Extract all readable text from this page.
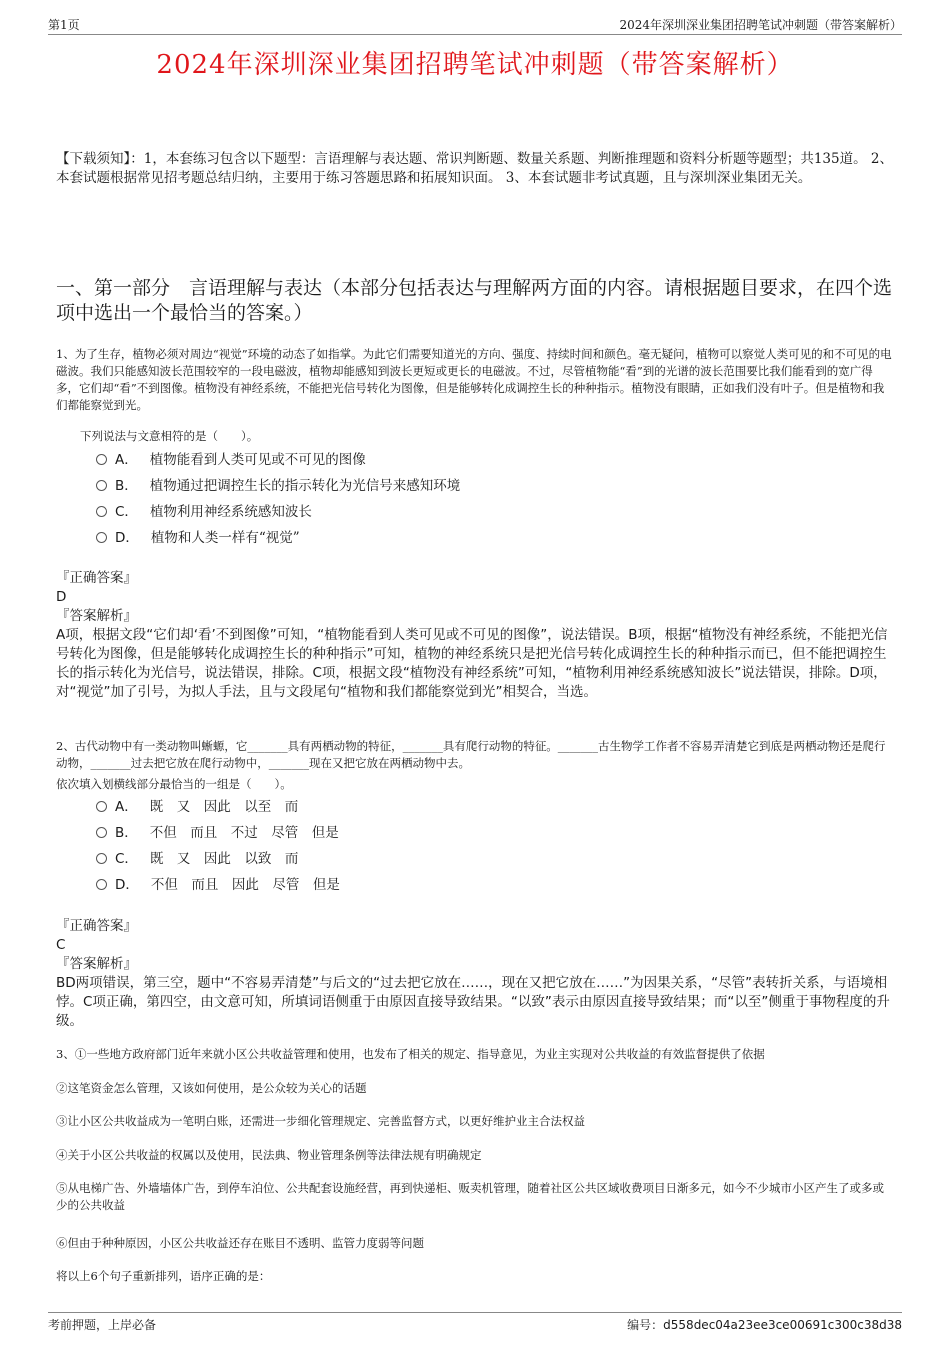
第1页	2024年深圳深业集团招聘笔试冲刺题（带答案解析）
2024年深圳深业集团招聘笔试冲刺题（带答案解析）
【下载须知】：1，本套练习包含以下题型：言语理解与表达题、常识判断题、数量关系题、判断推理题和资料分析题等题型；共135道。 2、本套试题根据常见招考题总结归纳，主要用于练习答题思路和拓展知识面。 3、本套试题非考试真题，且与深圳深业集团无关。
一、第一部分　言语理解与表达（本部分包括表达与理解两方面的内容。请根据题目要求，在四个选项中选出一个最恰当的答案。）
1、为了生存，植物必须对周边“视觉”环境的动态了如指掌。为此它们需要知道光的方向、强度、持续时间和颜色。毫无疑问，植物可以察觉人类可见的和不可见的电磁波。我们只能感知波长范围较窄的一段电磁波，植物却能感知到波长更短或更长的电磁波。不过，尽管植物能“看”到的光谱的波长范围要比我们能看到的宽广得多，它们却“看”不到图像。植物没有神经系统，不能把光信号转化为图像，但是能够转化成调控生长的种种指示。植物没有眼睛，正如我们没有叶子。但是植物和我们都能察觉到光。
下列说法与文意相符的是（　　）。
A． 植物能看到人类可见或不可见的图像
B． 植物通过把调控生长的指示转化为光信号来感知环境
C． 植物利用神经系统感知波长
D． 植物和人类一样有“视觉”
『正确答案』
D
『答案解析』
A项，根据文段“它们却‘看’不到图像”可知，“植物能看到人类可见或不可见的图像”，说法错误。B项，根据“植物没有神经系统，不能把光信号转化为图像，但是能够转化成调控生长的种种指示”可知，植物的神经系统只是把光信号转化成调控生长的种种指示而已，但不能把调控生长的指示转化为光信号，说法错误，排除。C项，根据文段“植物没有神经系统”可知，“植物利用神经系统感知波长”说法错误，排除。D项，对“视觉”加了引号，为拟人手法，且与文段尾句“植物和我们都能察觉到光”相契合，当选。
2、古代动物中有一类动物叫蜥螈，它_______具有两栖动物的特征，_______具有爬行动物的特征。_______古生物学工作者不容易弄清楚它到底是两栖动物还是爬行动物，_______过去把它放在爬行动物中，_______现在又把它放在两栖动物中去。
依次填入划横线部分最恰当的一组是（　　）。
A． 既　又　因此　以至　而
B． 不但　而且　不过　尽管　但是
C． 既　又　因此　以致　而
D． 不但　而且　因此　尽管　但是
『正确答案』
C
『答案解析』
BD两项错误，第三空，题中“不容易弄清楚”与后文的“过去把它放在……，现在又把它放在……”为因果关系，“尽管”表转折关系，与语境相悖。C项正确，第四空，由文意可知，所填词语侧重于由原因直接导致结果。“以致”表示由原因直接导致结果；而“以至”侧重于事物程度的升级。
3、①一些地方政府部门近年来就小区公共收益管理和使用，也发布了相关的规定、指导意见，为业主实现对公共收益的有效监督提供了依据
②这笔资金怎么管理，又该如何使用，是公众较为关心的话题
③让小区公共收益成为一笔明白账，还需进一步细化管理规定、完善监督方式，以更好维护业主合法权益
④关于小区公共收益的权属以及使用，民法典、物业管理条例等法律法规有明确规定
⑤从电梯广告、外墙墙体广告，到停车泊位、公共配套设施经营，再到快递柜、贩卖机管理，随着社区公共区域收费项目日渐多元，如今不少城市小区产生了或多或少的公共收益
⑥但由于种种原因，小区公共收益还存在账目不透明、监管力度弱等问题
将以上6个句子重新排列，语序正确的是：
考前押题，上岸必备	编号：d558dec04a23ee3ce00691c300c38d38
